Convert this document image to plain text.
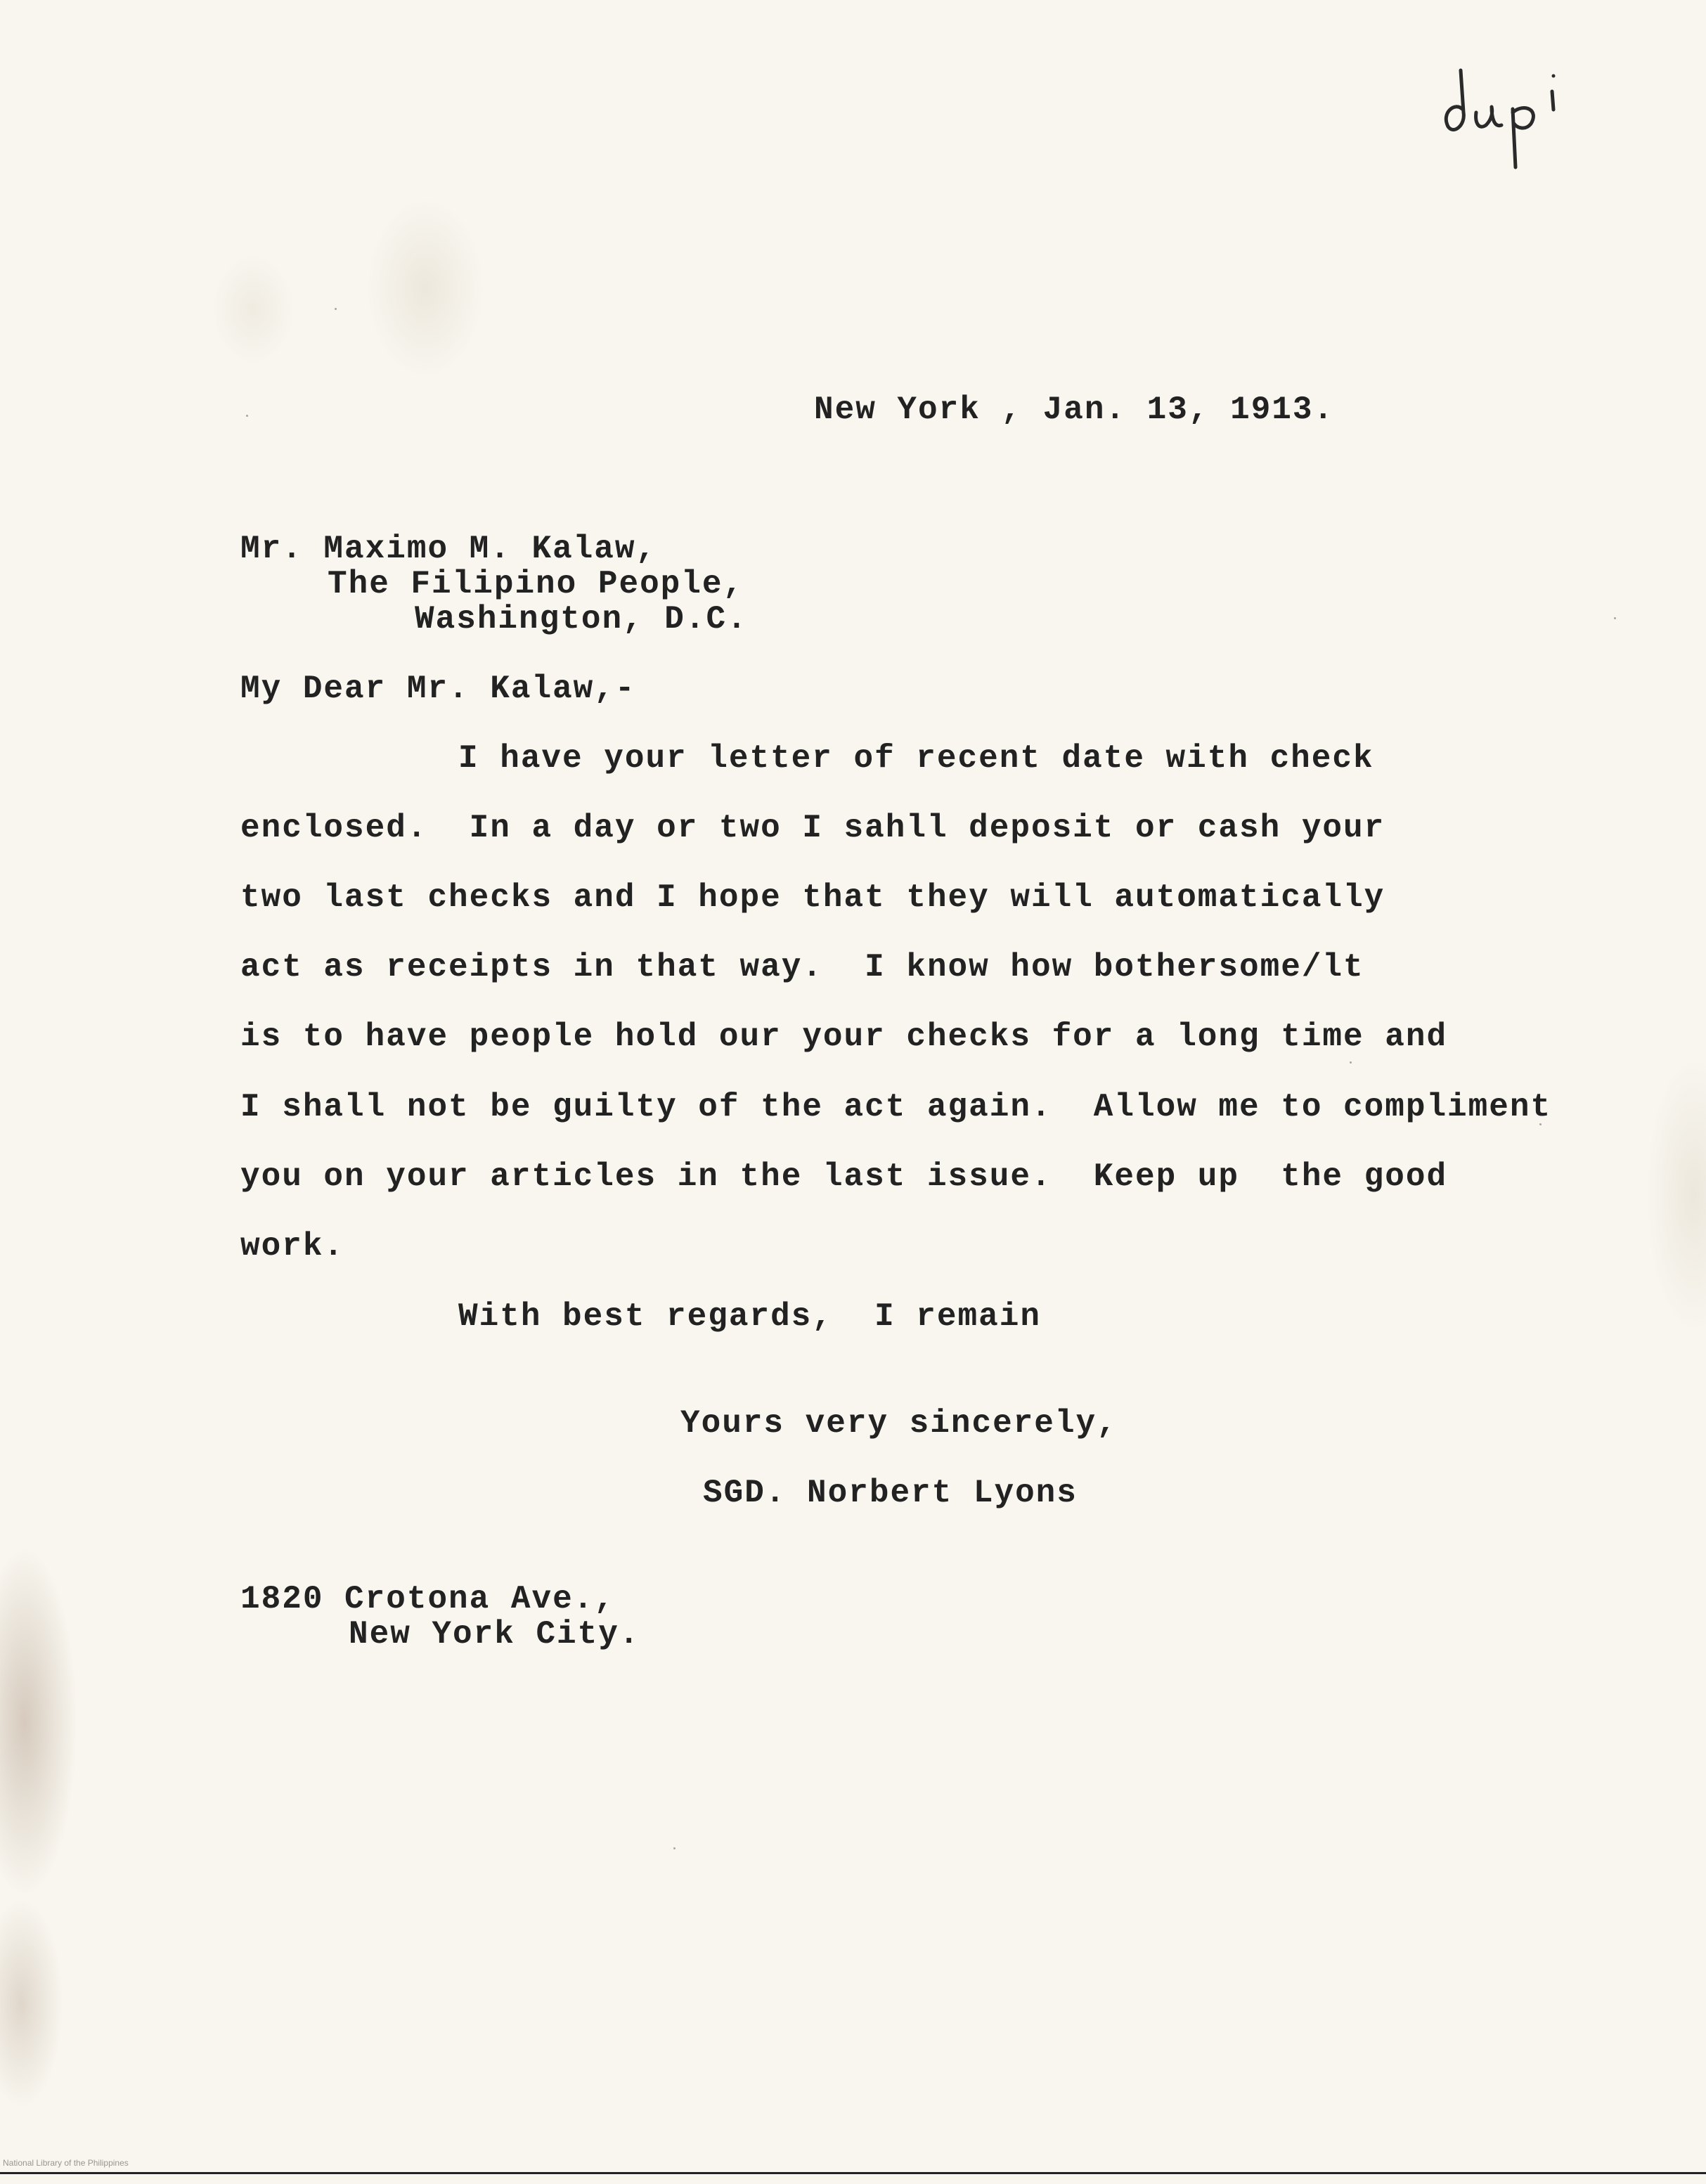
New York , Jan. 13, 1913.
Mr. Maximo M. Kalaw,
The Filipino People,
Washington, D.C.
My Dear Mr. Kalaw,-
I have your letter of recent date with check
enclosed.  In a day or two I sahll deposit or cash your
two last checks and I hope that they will automatically
act as receipts in that way.  I know how bothersome/lt
is to have people hold our your checks for a long time and
I shall not be guilty of the act again.  Allow me to compliment
you on your articles in the last issue.  Keep up  the good
work.
With best regards,  I remain
Yours very sincerely,
SGD. Norbert Lyons
1820 Crotona Ave.,
New York City.
National Library of the Philippines
